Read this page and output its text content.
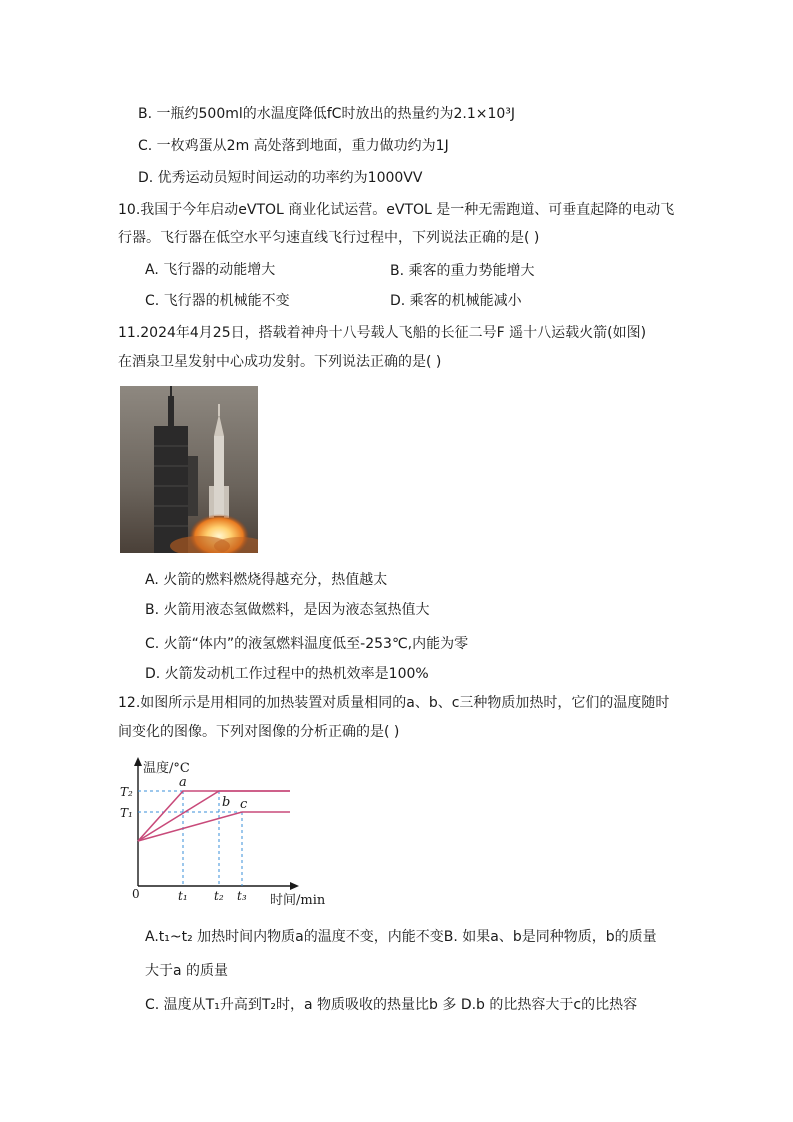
B. 一瓶约500ml的水温度降低fC时放出的热量约为2.1×10³J
C. 一枚鸡蛋从2m 高处落到地面，重力做功约为1J
D. 优秀运动员短时间运动的功率约为1000VV
10.我国于今年启动eVTOL 商业化试运营。eVTOL 是一种无需跑道、可垂直起降的电动飞
行器。飞行器在低空水平匀速直线飞行过程中，下列说法正确的是( )
A. 飞行器的动能增大	B. 乘客的重力势能增大
C. 飞行器的机械能不变	D. 乘客的机械能减小
11.2024年4月25日，搭载着神舟十八号载人飞船的长征二号F 遥十八运载火箭(如图)
在酒泉卫星发射中心成功发射。下列说法正确的是( )
A. 火箭的燃料燃烧得越充分，热值越太
B. 火箭用液态氢做燃料，是因为液态氢热值大
C. 火箭“体内”的液氢燃料温度低至-253℃,内能为零
D. 火箭发动机工作过程中的热机效率是100%
12.如图所示是用相同的加热装置对质量相同的a、b、c三种物质加热时，它们的温度随时
间变化的图像。下列对图像的分析正确的是( )
温度/°C
时间/min
0
a
b c
T₁
T₂
t₁ t₂ t₃
A.t₁~t₂ 加热时间内物质a的温度不变，内能不变B. 如果a、b是同种物质，b的质量
大于a 的质量
C. 温度从T₁升高到T₂时，a 物质吸收的热量比b 多 D.b 的比热容大于c的比热容
